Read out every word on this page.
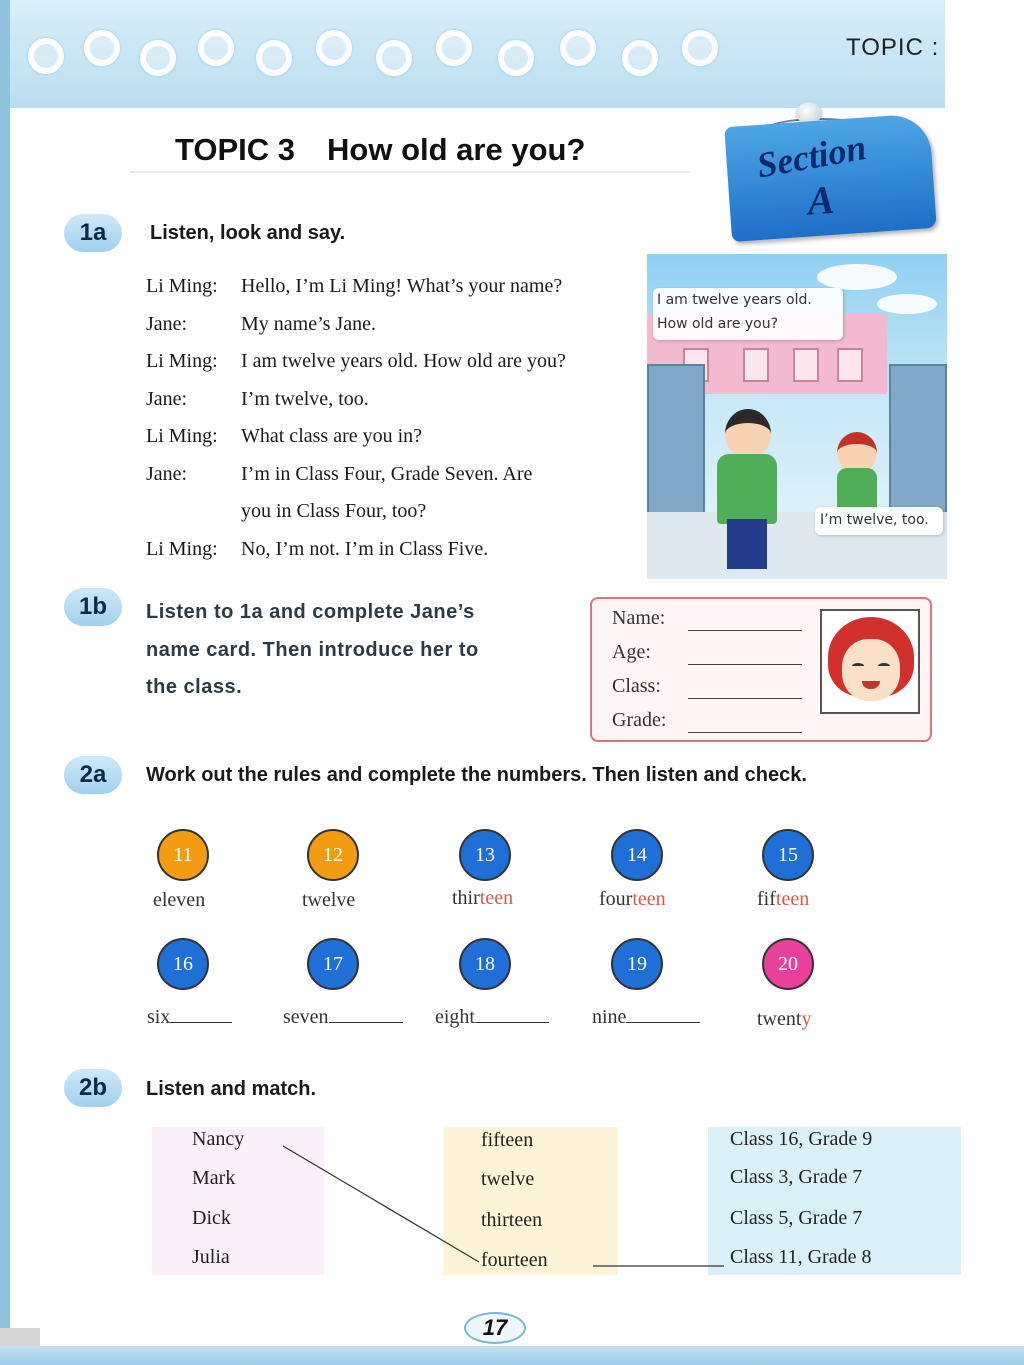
TOPIC :
TOPIC 3 How old are you?	Section
A
1a	Listen, look and say.
Li Ming: Hello, I’m Li Ming! What’s your name?
Jane:	My name’s Jane.
Li Ming: I am twelve years old. How old are you?
Jane:	I’m twelve, too.
Li Ming: What class are you in?
Jane:	I’m in Class Four, Grade Seven. Are
you in Class Four, too?
Li Ming: No, I’m not. I’m in Class Five.
I am twelve years old.
How old are you?
I’m twelve, too.
1b	Listen to 1a and complete Jane’s
name card. Then introduce her to
the class.
Name:
Age:
Class:
Grade:
2a	Work out the rules and complete the numbers. Then listen and check.
11	12	13	14	15
eleven	twelve	thirteen	fourteen	fifteen
16	17	18	19	20
six	seven	eight	nine	twenty
2b	Listen and match.
Nancy
Mark
Dick
Julia
fifteen
twelve
thirteen
fourteen
Class 16, Grade 9
Class 3, Grade 7
Class 5, Grade 7
Class 11, Grade 8
17
